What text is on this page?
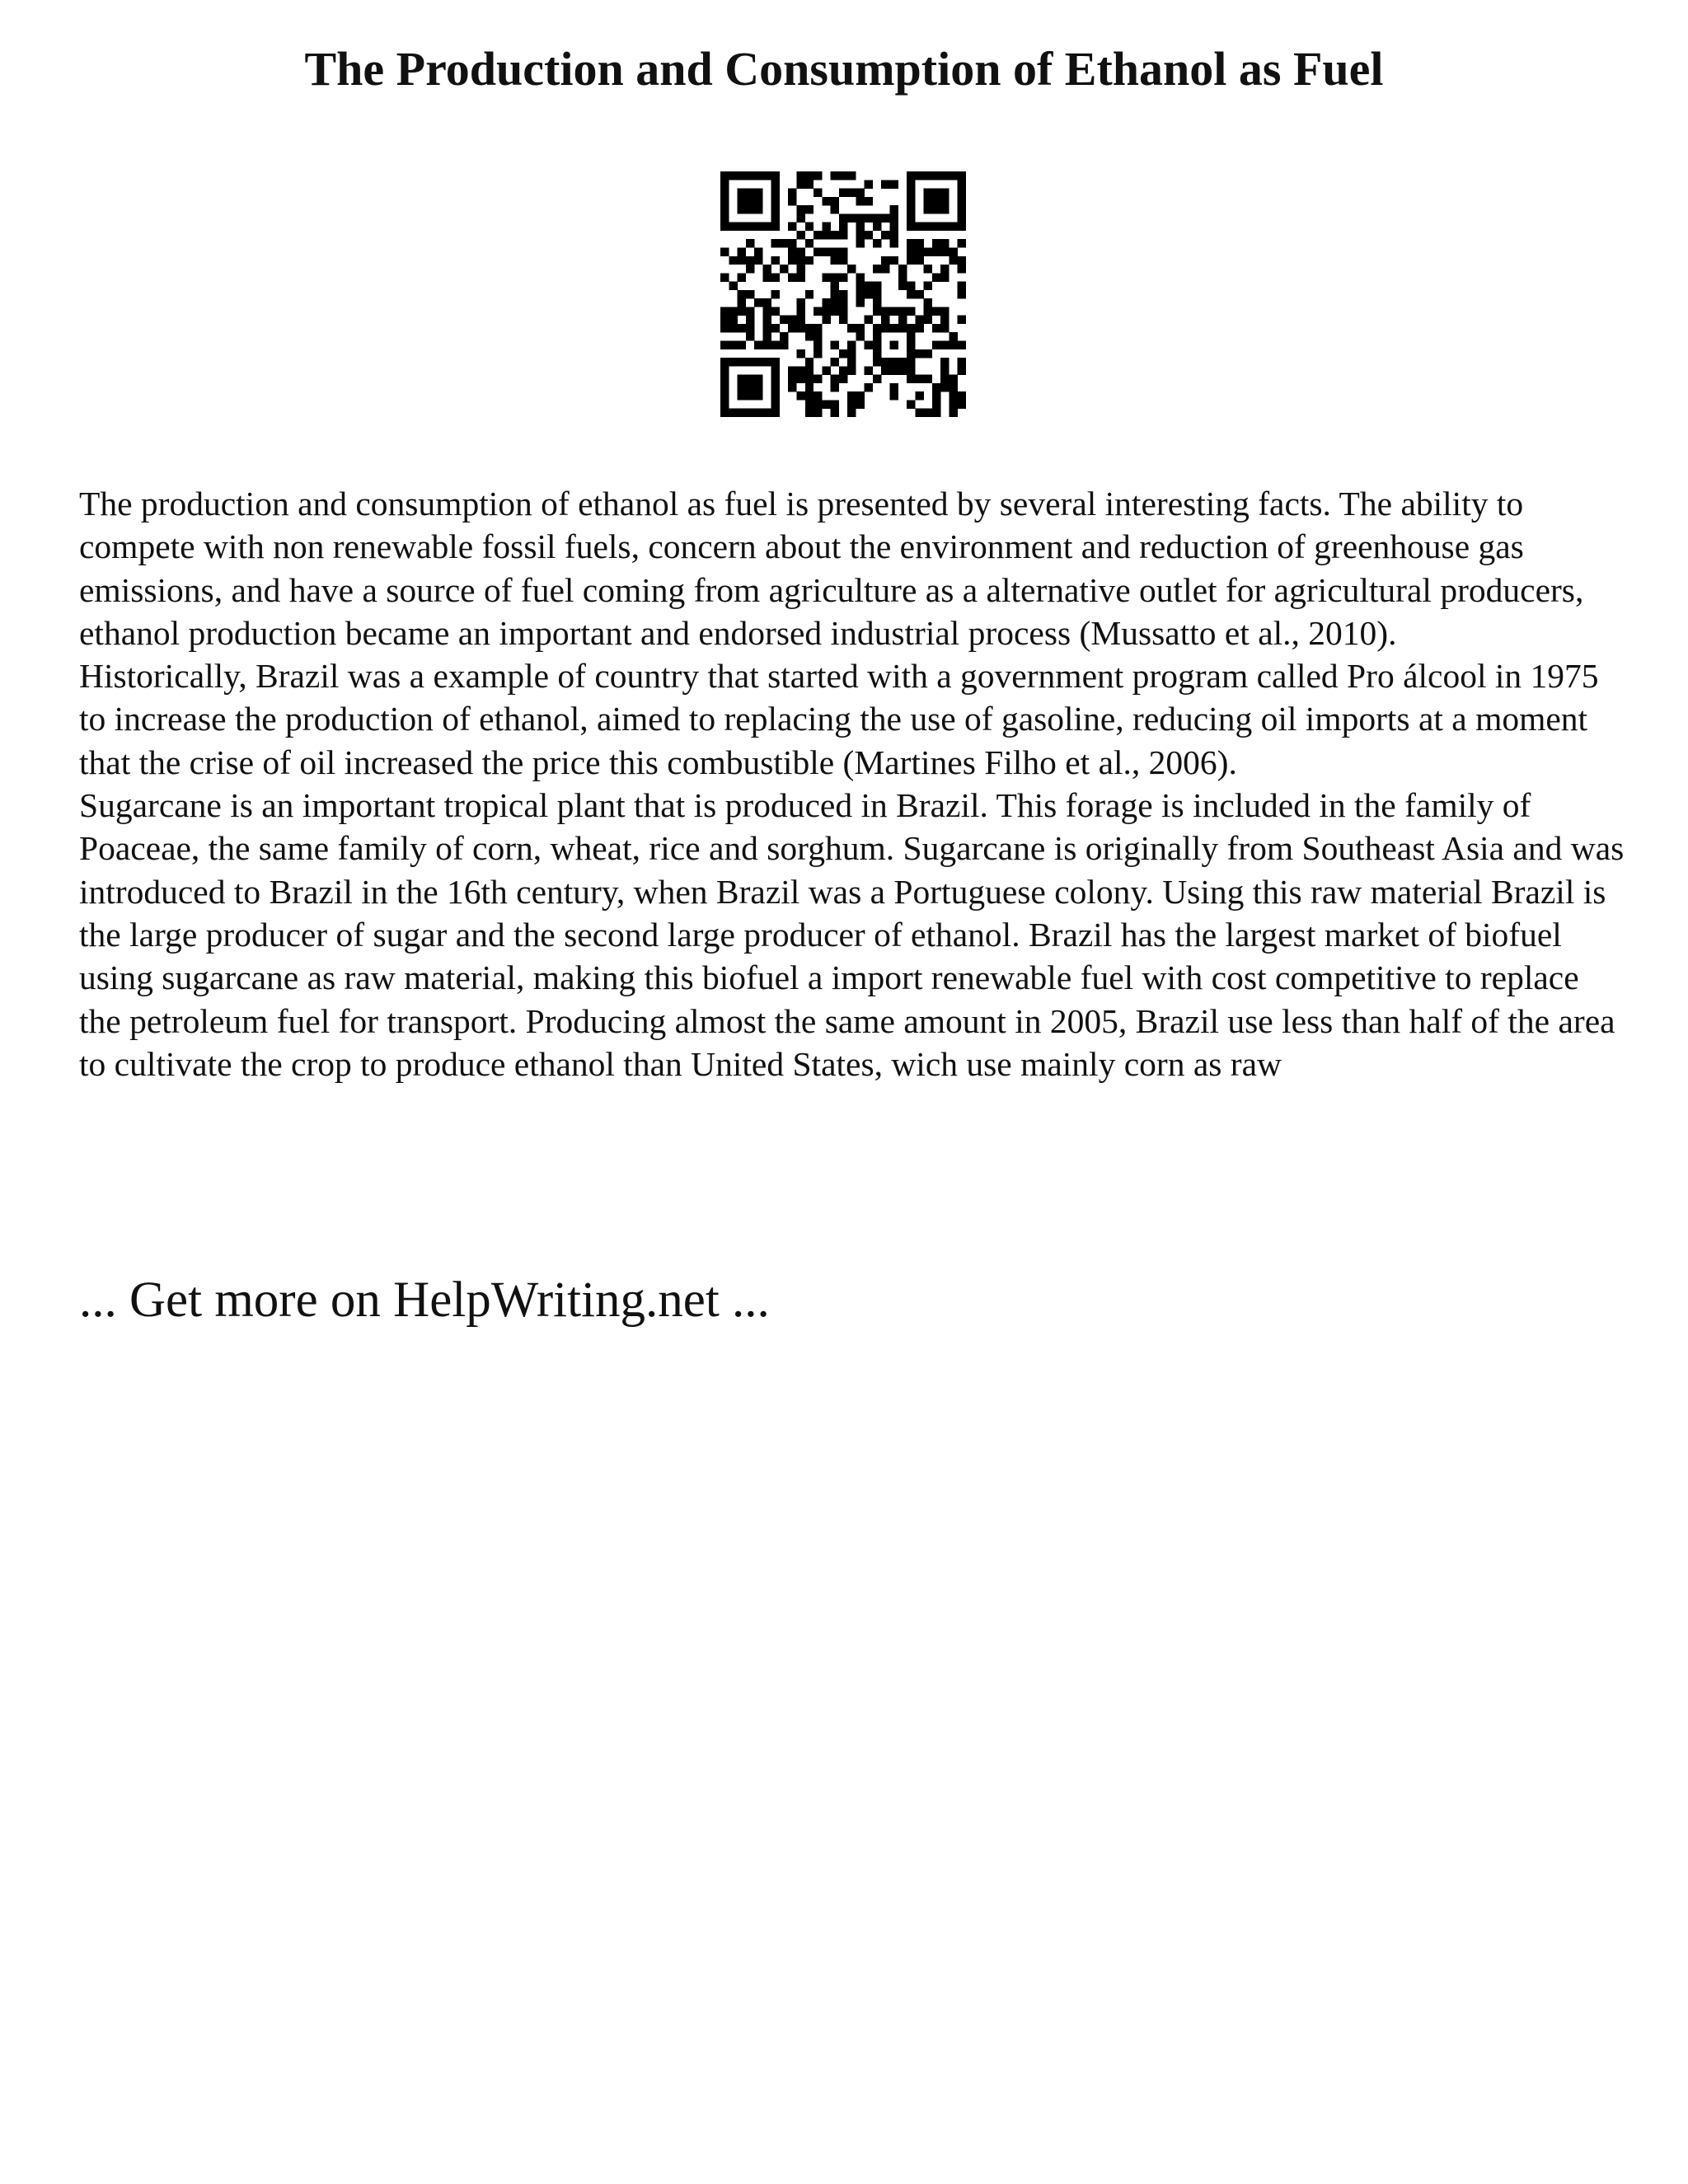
The Production and Consumption of Ethanol as Fuel

The production and consumption of ethanol as fuel is presented by several interesting facts. The ability to compete with non renewable fossil fuels, concern about the environment and reduction of greenhouse gas emissions, and have a source of fuel coming from agriculture as a alternative outlet for agricultural producers, ethanol production became an important and endorsed industrial process (Mussatto et al., 2010).

Historically, Brazil was a example of country that started with a government program called Pro álcool in 1975 to increase the production of ethanol, aimed to replacing the use of gasoline, reducing oil imports at a moment that the crise of oil increased the price this combustible (Martines Filho et al., 2006).

Sugarcane is an important tropical plant that is produced in Brazil. This forage is included in the family of Poaceae, the same family of corn, wheat, rice and sorghum. Sugarcane is originally from Southeast Asia and was introduced to Brazil in the 16th century, when Brazil was a Portuguese colony. Using this raw material Brazil is the large producer of sugar and the second large producer of ethanol. Brazil has the largest market of biofuel using sugarcane as raw material, making this biofuel a import renewable fuel with cost competitive to replace the petroleum fuel for transport. Producing almost the same amount in 2005, Brazil use less than half of the area to cultivate the crop to produce ethanol than United States, wich use mainly corn as raw

... Get more on HelpWriting.net ...
